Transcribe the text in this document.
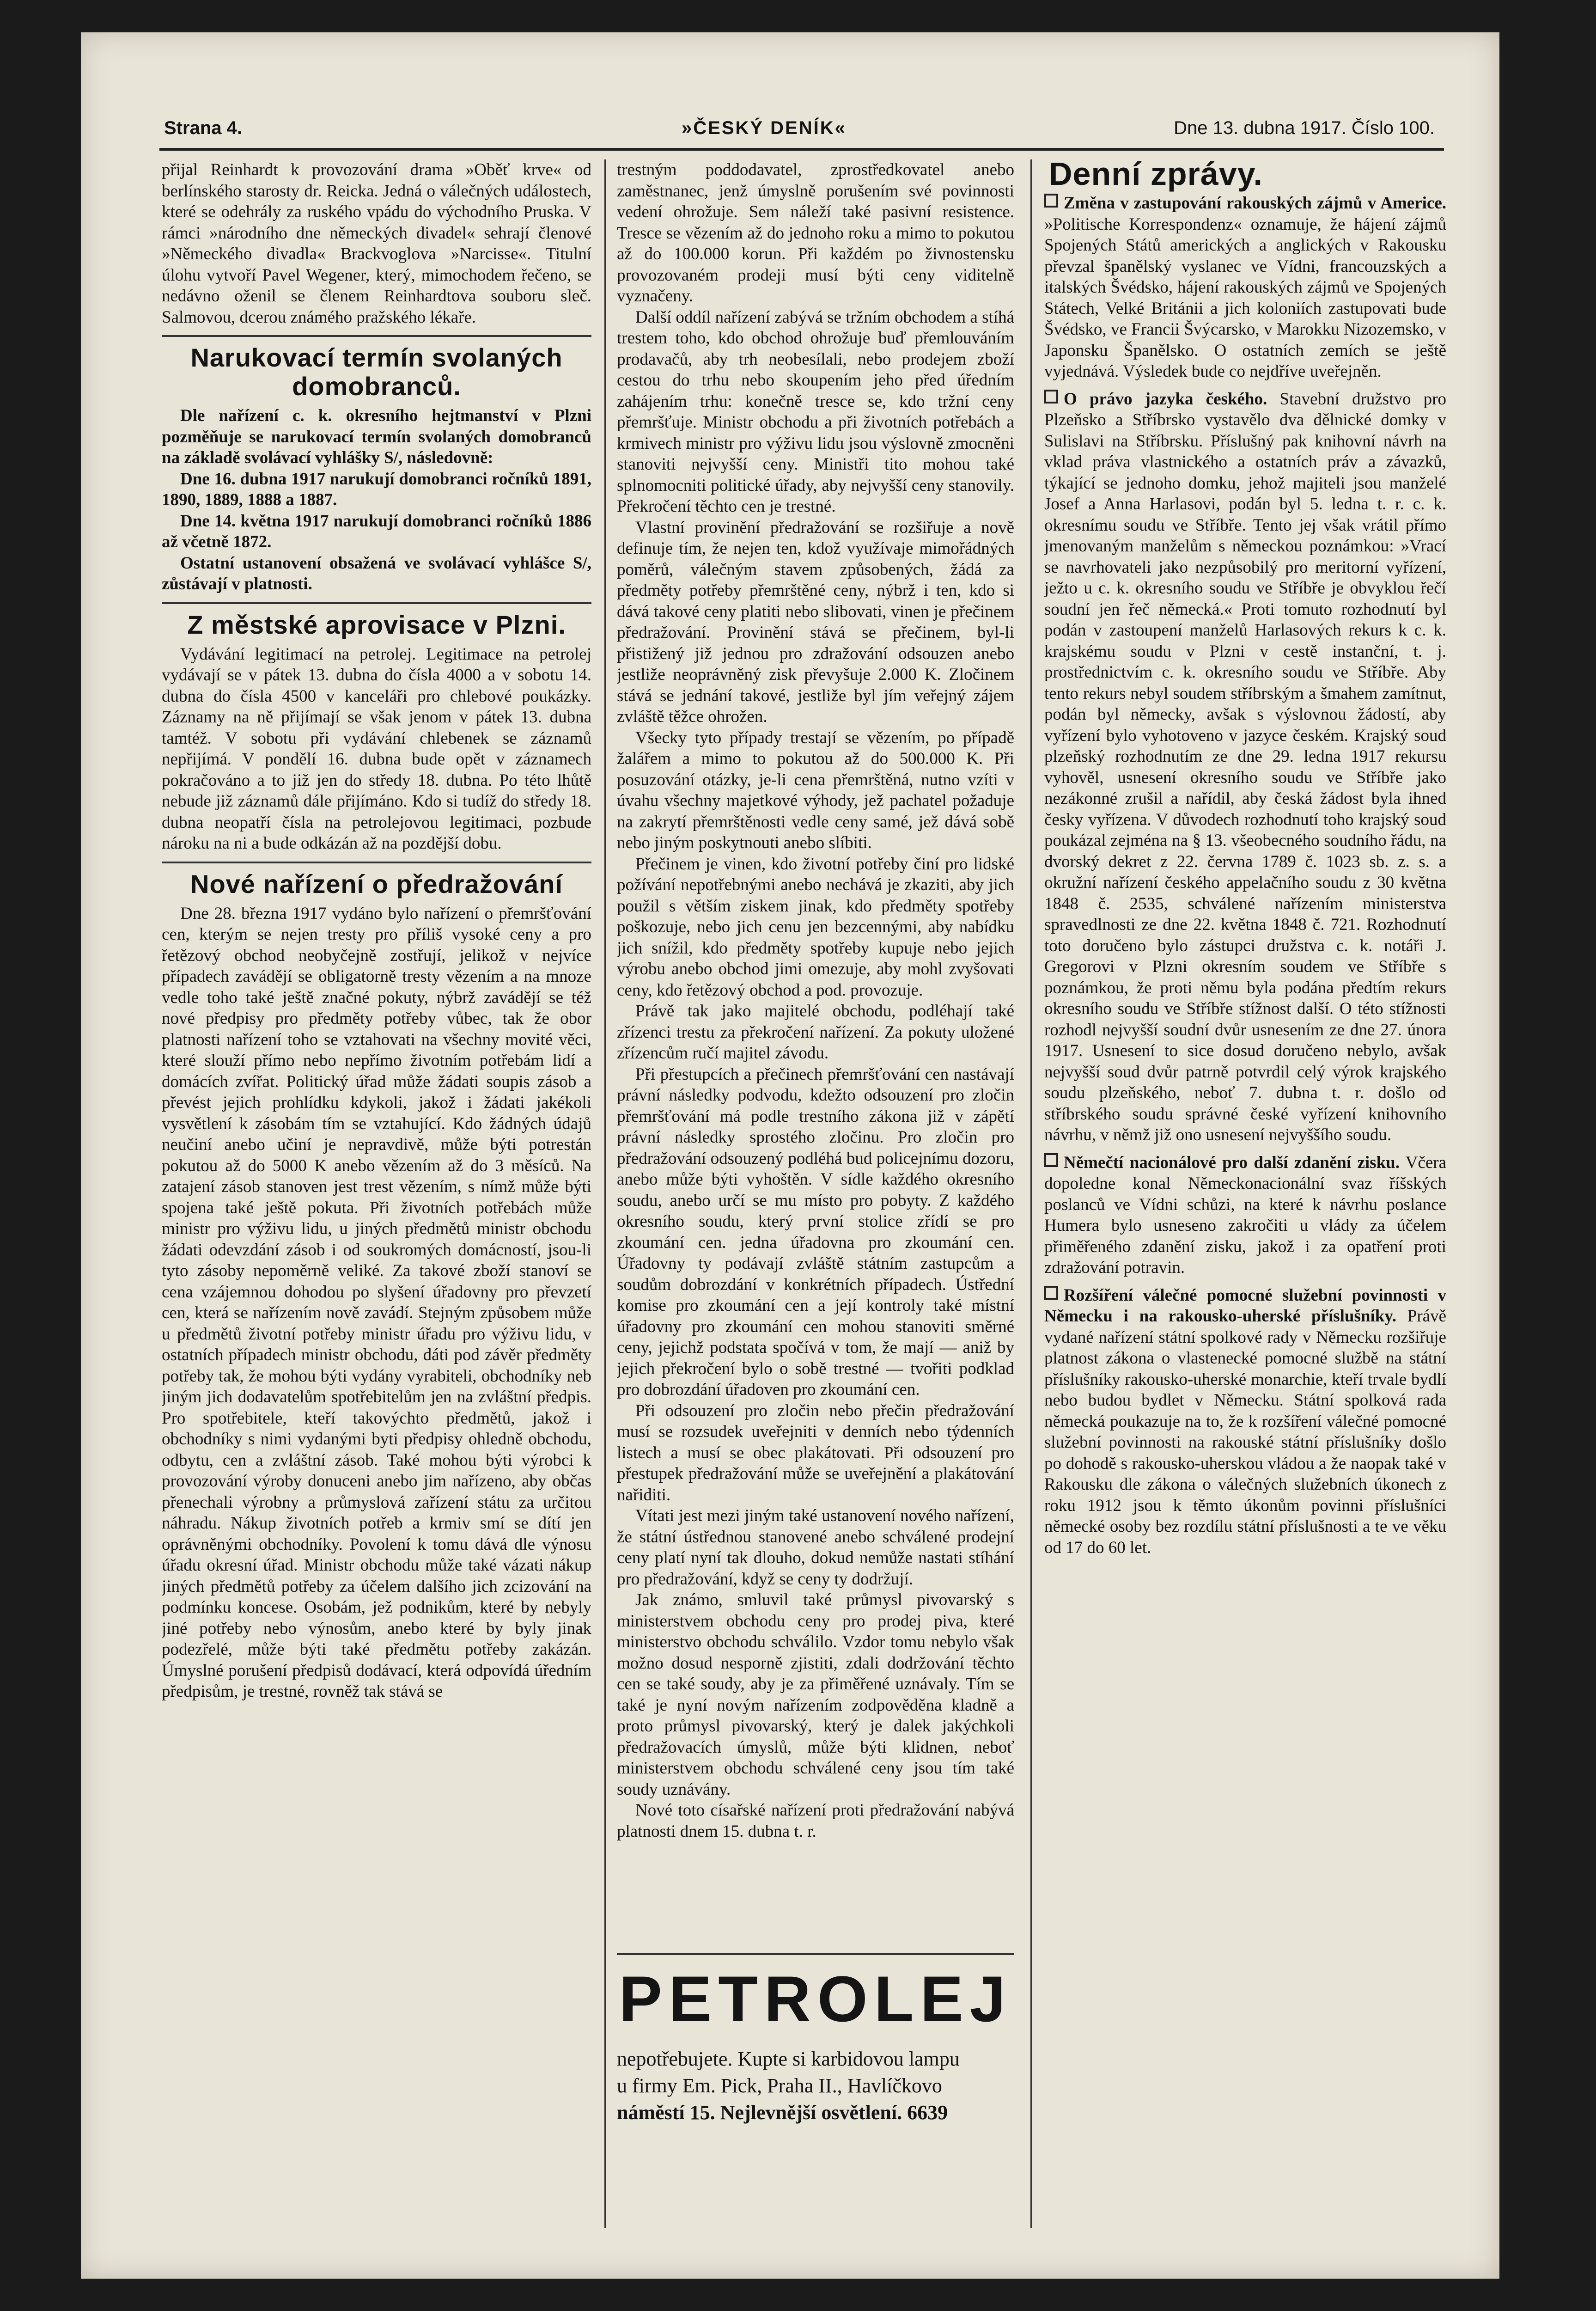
Strana 4.	»ČESKÝ DENÍK«	Dne 13. dubna 1917. Číslo 100.

přijal Reinhardt k provozování drama »Oběť krve« od berlínského starosty dr. Reicka. Jedná o válečných událostech, které se odehrály za ruského vpádu do východního Pruska. V rámci »národního dne německých divadel« sehrají členové »Německého divadla« Brackvoglova »Narcisse«. Titulní úlohu vytvoří Pavel Wegener, který, mimochodem řečeno, se nedávno oženil se členem Reinhardtova souboru sleč. Salmovou, dcerou známého pražského lékaře.

Narukovací termín svolaných domobranců.

Dle nařízení c. k. okresního hejtmanství v Plzni pozměňuje se narukovací termín svolaných domobranců na základě svolávací vyhlášky S/, následovně:

Dne 16. dubna 1917 narukují domobranci ročníků 1891, 1890, 1889, 1888 a 1887.

Dne 14. května 1917 narukují domobranci ročníků 1886 až včetně 1872.

Ostatní ustanovení obsažená ve svolávací vyhlášce S/, zůstávají v platnosti.

Z městské aprovisace v Plzni.

Vydávání legitimací na petrolej. Legitimace na petrolej vydávají se v pátek 13. dubna do čísla 4000 a v sobotu 14. dubna do čísla 4500 v kanceláři pro chlebové poukázky. Záznamy na ně přijímají se však jenom v pátek 13. dubna tamtéž. V sobotu při vydávání chlebenek se záznamů nepřijímá. V pondělí 16. dubna bude opět v záznamech pokračováno a to již jen do středy 18. dubna. Po této lhůtě nebude již záznamů dále přijímáno. Kdo si tudíž do středy 18. dubna neopatří čísla na petrolejovou legitimaci, pozbude nároku na ni a bude odkázán až na pozdější dobu.

Nové nařízení o předražování

Dne 28. března 1917 vydáno bylo nařízení o přemršťování cen, kterým se nejen tresty pro příliš vysoké ceny a pro řetězový obchod neobyčejně zostřují, jelikož v nejvíce případech zavádějí se obligatorně tresty vězením a na mnoze vedle toho také ještě značné pokuty, nýbrž zavádějí se též nové předpisy pro předměty potřeby vůbec, tak že obor platnosti nařízení toho se vztahovati na všechny movité věci, které slouží přímo nebo nepřímo životním potřebám lidí a domácích zvířat. Politický úřad může žádati soupis zásob a převést jejich prohlídku kdykoli, jakož i žádati jakékoli vysvětlení k zásobám tím se vztahující. Kdo žádných údajů neučiní anebo učiní je nepravdivě, může býti potrestán pokutou až do 5000 K anebo vězením až do 3 měsíců. Na zatajení zásob stanoven jest trest vězením, s nímž může býti spojena také ještě pokuta. Při životních potřebách může ministr pro výživu lidu, u jiných předmětů ministr obchodu žádati odevzdání zásob i od soukromých domácností, jsou-li tyto zásoby nepoměrně veliké. Za takové zboží stanoví se cena vzájemnou dohodou po slyšení úřadovny pro převzetí cen, která se nařízením nově zavádí. Stejným způsobem může u předmětů životní potřeby ministr úřadu pro výživu lidu, v ostatních případech ministr obchodu, dáti pod závěr předměty potřeby tak, že mohou býti vydány vyrabiteli, obchodníky neb jiným jich dodavatelům spotřebitelům jen na zvláštní předpis. Pro spotřebitele, kteří takovýchto předmětů, jakož i obchodníky s nimi vydanými byti předpisy ohledně obchodu, odbytu, cen a zvláštní zásob. Také mohou býti výrobci k provozování výroby donuceni anebo jim nařízeno, aby občas přenechali výrobny a průmyslová zařízení státu za určitou náhradu. Nákup životních potřeb a krmiv smí se dítí jen oprávněnými obchodníky. Povolení k tomu dává dle výnosu úřadu okresní úřad. Ministr obchodu může také vázati nákup jiných předmětů potřeby za účelem dalšího jich zcizování na podmínku koncese. Osobám, jež podnikům, které by nebyly jiné potřeby nebo výnosům, anebo které by byly jinak podezřelé, může býti také předmětu potřeby zakázán. Úmyslné porušení předpisů dodávací, která odpovídá úředním předpisům, je trestné, rovněž tak stává se

trestným poddodavatel, zprostředkovatel anebo zaměstnanec, jenž úmyslně porušením své povinnosti vedení ohrožuje. Sem náleží také pasivní resistence. Tresce se vězením až do jednoho roku a mimo to pokutou až do 100.000 korun. Při každém po živnostensku provozovaném prodeji musí býti ceny viditelně vyznačeny.

Další oddíl nařízení zabývá se tržním obchodem a stíhá trestem toho, kdo obchod ohrožuje buď přemlouváním prodavačů, aby trh neobesílali, nebo prodejem zboží cestou do trhu nebo skoupením jeho před úředním zahájením trhu: konečně tresce se, kdo tržní ceny přemršťuje. Ministr obchodu a při životních potřebách a krmivech ministr pro výživu lidu jsou výslovně zmocněni stanoviti nejvyšší ceny. Ministři tito mohou také splnomocniti politické úřady, aby nejvyšší ceny stanovily. Překročení těchto cen je trestné.

Vlastní provinění předražování se rozšiřuje a nově definuje tím, že nejen ten, kdož využívaje mimořádných poměrů, válečným stavem způsobených, žádá za předměty potřeby přemrštěné ceny, nýbrž i ten, kdo si dává takové ceny platiti nebo slibovati, vinen je přečinem předražování. Provinění stává se přečinem, byl-li přistižený již jednou pro zdražování odsouzen anebo jestliže neoprávněný zisk převyšuje 2.000 K. Zločinem stává se jednání takové, jestliže byl jím veřejný zájem zvláště těžce ohrožen.

Všecky tyto případy trestají se vězením, po případě žalářem a mimo to pokutou až do 500.000 K. Při posuzování otázky, je-li cena přemrštěná, nutno vzíti v úvahu všechny majetkové výhody, jež pachatel požaduje na zakrytí přemrštěnosti vedle ceny samé, jež dává sobě nebo jiným poskytnouti anebo slíbiti.

Přečinem je vinen, kdo životní potřeby činí pro lidské požívání nepotřebnými anebo nechává je zkaziti, aby jich použil s větším ziskem jinak, kdo předměty spotřeby poškozuje, nebo jich cenu jen bezcennými, aby nabídku jich snížil, kdo předměty spotřeby kupuje nebo jejich výrobu anebo obchod jimi omezuje, aby mohl zvyšovati ceny, kdo řetězový obchod a pod. provozuje.

Právě tak jako majitelé obchodu, podléhají také zřízenci trestu za překročení nařízení. Za pokuty uložené zřízencům ručí majitel závodu.

Při přestupcích a přečinech přemršťování cen nastávají právní následky podvodu, kdežto odsouzení pro zločin přemršťování má podle trestního zákona již v zápětí právní následky sprostého zločinu. Pro zločin pro předražování odsouzený podléhá bud policejnímu dozoru, anebo může býti vyhoštěn. V sídle každého okresního soudu, anebo určí se mu místo pro pobyty. Z každého okresního soudu, který první stolice zřídí se pro zkoumání cen. jedna úřadovna pro zkoumání cen. Úřadovny ty podávají zvláště státním zastupcům a soudům dobrozdání v konkrétních případech. Ústřední komise pro zkoumání cen a její kontroly také místní úřadovny pro zkoumání cen mohou stanoviti směrné ceny, jejichž podstata spočívá v tom, že mají — aniž by jejich překročení bylo o sobě trestné — tvořiti podklad pro dobrozdání úřadoven pro zkoumání cen.

Při odsouzení pro zločin nebo přečin předražování musí se rozsudek uveřejniti v denních nebo týdenních listech a musí se obec plakátovati. Při odsouzení pro přestupek předražování může se uveřejnění a plakátování nařiditi.

Vítati jest mezi jiným také ustanovení nového nařízení, že státní ústřednou stanovené anebo schválené prodejní ceny platí nyní tak dlouho, dokud nemůže nastati stíhání pro předražování, když se ceny ty dodržují.

Jak známo, smluvil také průmysl pivovarský s ministerstvem obchodu ceny pro prodej piva, které ministerstvo obchodu schválilo. Vzdor tomu nebylo však možno dosud nesporně zjistiti, zdali dodržování těchto cen se také soudy, aby je za přiměřené uznávaly. Tím se také je nyní novým nařízením zodpověděna kladně a proto průmysl pivovarský, který je dalek jakýchkoli předražovacích úmyslů, může býti klidnen, neboť ministerstvem obchodu schválené ceny jsou tím také soudy uznávány.

Nové toto císařské nařízení proti předražování nabývá platnosti dnem 15. dubna t. r.

PETROLEJ
nepotřebujete. Kupte si karbidovou lampu
u firmy Em. Pick, Praha II., Havlíčkovo
náměstí 15. Nejlevnější osvětlení. 6639
Denní zprávy.

Změna v zastupování rakouských zájmů v Americe. »Politische Korrespondenz« oznamuje, že hájení zájmů Spojených Států amerických a anglických v Rakousku převzal španělský vyslanec ve Vídni, francouzských a italských Švédsko, hájení rakouských zájmů ve Spojených Státech, Velké Británii a jich koloniích zastupovati bude Švédsko, ve Francii Švýcarsko, v Marokku Nizozemsko, v Japonsku Španělsko. O ostatních zemích se ještě vyjednává. Výsledek bude co nejdříve uveřejněn.

O právo jazyka českého. Stavební družstvo pro Plzeňsko a Stříbrsko vystavělo dva dělnické domky v Sulislavi na Stříbrsku. Příslušný pak knihovní návrh na vklad práva vlastnického a ostatních práv a závazků, týkající se jednoho domku, jehož majiteli jsou manželé Josef a Anna Harlasovi, podán byl 5. ledna t. r. c. k. okresnímu soudu ve Stříbře. Tento jej však vrátil přímo jmenovaným manželům s německou poznámkou: »Vrací se navrhovateli jako nezpůsobilý pro meritorní vyřízení, ježto u c. k. okresního soudu ve Stříbře je obvyklou řečí soudní jen řeč německá.« Proti tomuto rozhodnutí byl podán v zastoupení manželů Harlasových rekurs k c. k. krajskému soudu v Plzni v cestě instanční, t. j. prostřednictvím c. k. okresního soudu ve Stříbře. Aby tento rekurs nebyl soudem stříbrským a šmahem zamítnut, podán byl německy, avšak s výslovnou žádostí, aby vyřízení bylo vyhotoveno v jazyce českém. Krajský soud plzeňský rozhodnutím ze dne 29. ledna 1917 rekursu vyhověl, usnesení okresního soudu ve Stříbře jako nezákonné zrušil a nařídil, aby česká žádost byla ihned česky vyřízena. V důvodech rozhodnutí toho krajský soud poukázal zejména na § 13. všeobecného soudního řádu, na dvorský dekret z 22. června 1789 č. 1023 sb. z. s. a okružní nařízení českého appelačního soudu z 30 května 1848 č. 2535, schválené nařízením ministerstva spravedlnosti ze dne 22. května 1848 č. 721. Rozhodnutí toto doručeno bylo zástupci družstva c. k. notáři J. Gregorovi v Plzni okresním soudem ve Stříbře s poznámkou, že proti němu byla podána předtím rekurs okresního soudu ve Stříbře stížnost další. O této stížnosti rozhodl nejvyšší soudní dvůr usnesením ze dne 27. února 1917. Usnesení to sice dosud doručeno nebylo, avšak nejvyšší soud dvůr patrně potvrdil celý výrok krajského soudu plzeňského, neboť 7. dubna t. r. došlo od stříbrského soudu správné české vyřízení knihovního návrhu, v němž již ono usnesení nejvyššího soudu.

Němečtí nacionálové pro další zdanění zisku. Včera dopoledne konal Německonacionální svaz říšských poslanců ve Vídni schůzi, na které k návrhu poslance Humera bylo usneseno zakročiti u vlády za účelem přiměřeného zdanění zisku, jakož i za opatření proti zdražování potravin.

Rozšíření válečné pomocné služební povinnosti v Německu i na rakousko-uherské příslušníky. Právě vydané nařízení státní spolkové rady v Německu rozšiřuje platnost zákona o vlastenecké pomocné službě na státní příslušníky rakousko-uherské monarchie, kteří trvale bydlí nebo budou bydlet v Německu. Státní spolková rada německá poukazuje na to, že k rozšíření válečné pomocné služební povinnosti na rakouské státní příslušníky došlo po dohodě s rakousko-uherskou vládou a že naopak také v Rakousku dle zákona o válečných služebních úkonech z roku 1912 jsou k těmto úkonům povinni příslušníci německé osoby bez rozdílu státní příslušnosti a te ve věku od 17 do 60 let.
